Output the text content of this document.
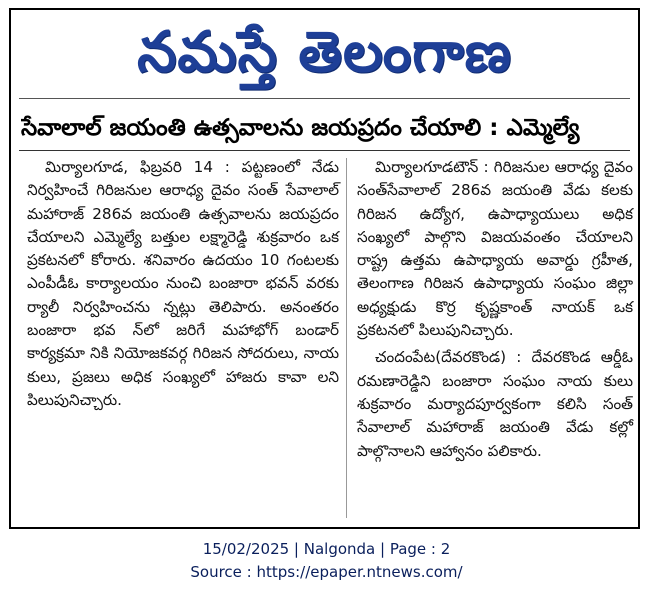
నమస్తే తెలంగాణ
సేవాలాల్ జయంతి ఉత్సవాలను జయప్రదం చేయాలి : ఎమ్మెల్యే

మిర్యాలగూడ, ఫిబ్రవరి 14 : పట్టణంలో నేడు నిర్వహించే గిరిజనుల ఆరాధ్య దైవం సంత్ సేవాలాల్ మహారాజ్ 286వ జయంతి ఉత్సవాలను జయప్రదం చేయాలని ఎమ్మెల్యే బత్తుల లక్ష్మారెడ్డి శుక్రవారం ఒక ప్రకటనలో కోరారు. శనివారం ఉదయం 10 గంటలకు ఎంపీడీఓ కార్యాలయం నుంచి బంజారా భవన్ వరకు ర్యాలీ నిర్వహించను న్నట్లు తెలిపారు. అనంతరం బంజారా భవ న్‌లో జరిగే మహాభోగ్ బండార్ కార్యక్రమా నికి నియోజకవర్గ గిరిజన సోదరులు, నాయ కులు, ప్రజలు అధిక సంఖ్యలో హాజరు కావా లని పిలుపునిచ్చారు.

మిర్యాలగూడటౌన్ : గిరిజనుల ఆరాధ్య దైవం సంత్‌సేవాలాల్ 286వ జయంతి వేడు కలకు గిరిజన ఉద్యోగ, ఉపాధ్యాయులు అధిక సంఖ్యలో పాల్గొని విజయవంతం చేయాలని రాష్ట్ర ఉత్తమ ఉపాధ్యాయ అవార్డు గ్రహీత, తెలంగాణ గిరిజన ఉపాధ్యాయ సంఘం జిల్లా అధ్యక్షుడు కొర్ర కృష్ణకాంత్ నాయక్ ఒక ప్రకటనలో పిలుపునిచ్చారు.

చందంపేట(దేవరకొండ) : దేవరకొండ ఆర్డీఓ రమణారెడ్డిని బంజారా సంఘం నాయ కులు శుక్రవారం మర్యాదపూర్వకంగా కలిసి సంత్ సేవాలాల్ మహారాజ్ జయంతి వేడు కల్లో పాల్గొనాలని ఆహ్వానం పలికారు.

15/02/2025 | Nalgonda | Page : 2
Source : https://epaper.ntnews.com/
